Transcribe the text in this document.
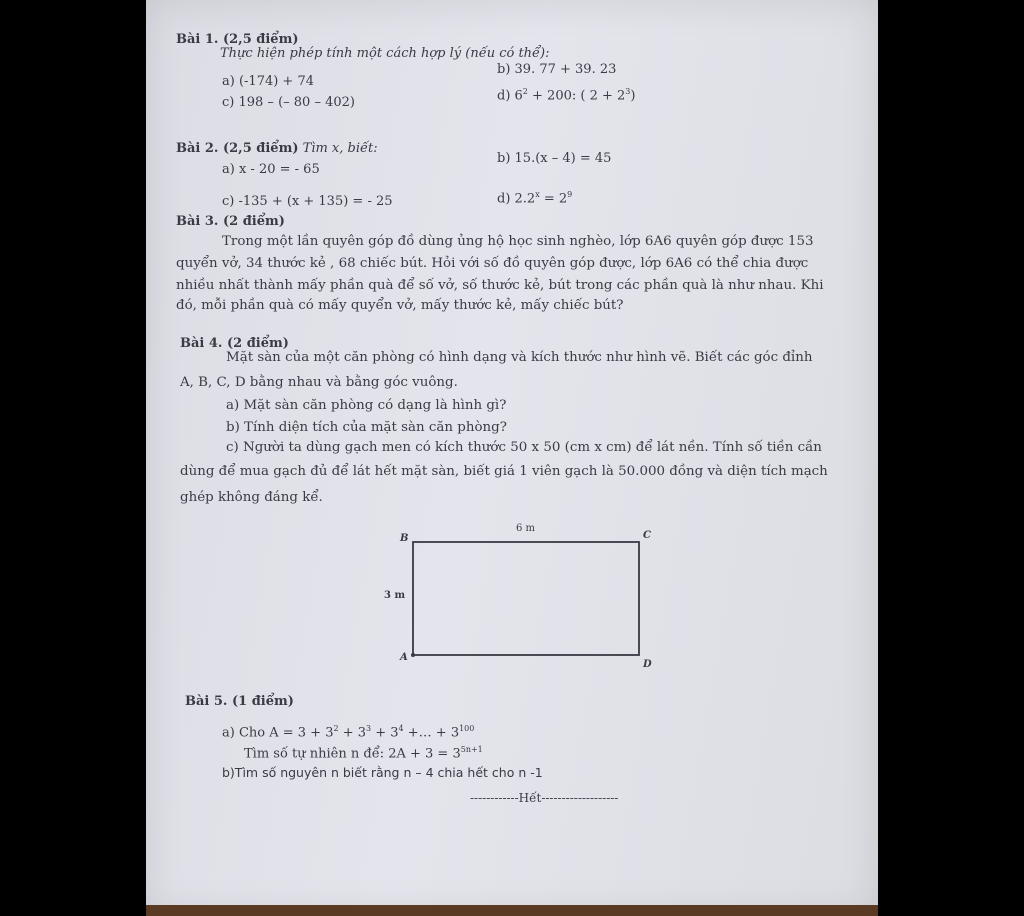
Bài 1. (2,5 điểm)
Thực hiện phép tính một cách hợp lý (nếu có thể):
a) (-174) + 74
b) 39. 77 + 39. 23
c) 198 – (– 80 – 402)	d) $6^2 + 200$: ( $2 + 2^3$)
Bài 2. (2,5 điểm) Tìm x, biết:
a) x - 20 = - 65
b) 15.(x – 4) = 45
c) -135 + (x + 135) = - 25	d) $2.2^x = 2^9$
Bài 3. (2 điểm)
Trong một lần quyên góp đồ dùng ủng hộ học sinh nghèo, lớp 6A6 quyên góp được 153
quyển vở, 34 thước kẻ , 68 chiếc bút. Hỏi với số đồ quyên góp được, lớp 6A6 có thể chia được
nhiều nhất thành mấy phần quà để số vở, số thước kẻ, bút trong các phần quà là như nhau. Khi
đó, mỗi phần quà có mấy quyển vở, mấy thước kẻ, mấy chiếc bút?
Bài 4. (2 điểm)
Mặt sàn của một căn phòng có hình dạng và kích thước như hình vẽ. Biết các góc đỉnh
A, B, C, D bằng nhau và bằng góc vuông.
a) Mặt sàn căn phòng có dạng là hình gì?
b) Tính diện tích của mặt sàn căn phòng?
c) Người ta dùng gạch men có kích thước 50 x 50 (cm x cm) để lát nền. Tính số tiền cần
dùng để mua gạch đủ để lát hết mặt sàn, biết giá 1 viên gạch là 50.000 đồng và diện tích mạch
ghép không đáng kể.
B	C
A
D
6 m
3 m
Bài 5. (1 điểm)
a) Cho $A = 3 + 3^2 + 3^3 + 3^4$ +… + $3^{100}$
Tìm số tự nhiên n để: $2A + 3 = 3^{5n+1}$
b)Tìm số nguyên n biết rằng n – 4 chia hết cho n -1
------------Hết-------------------
